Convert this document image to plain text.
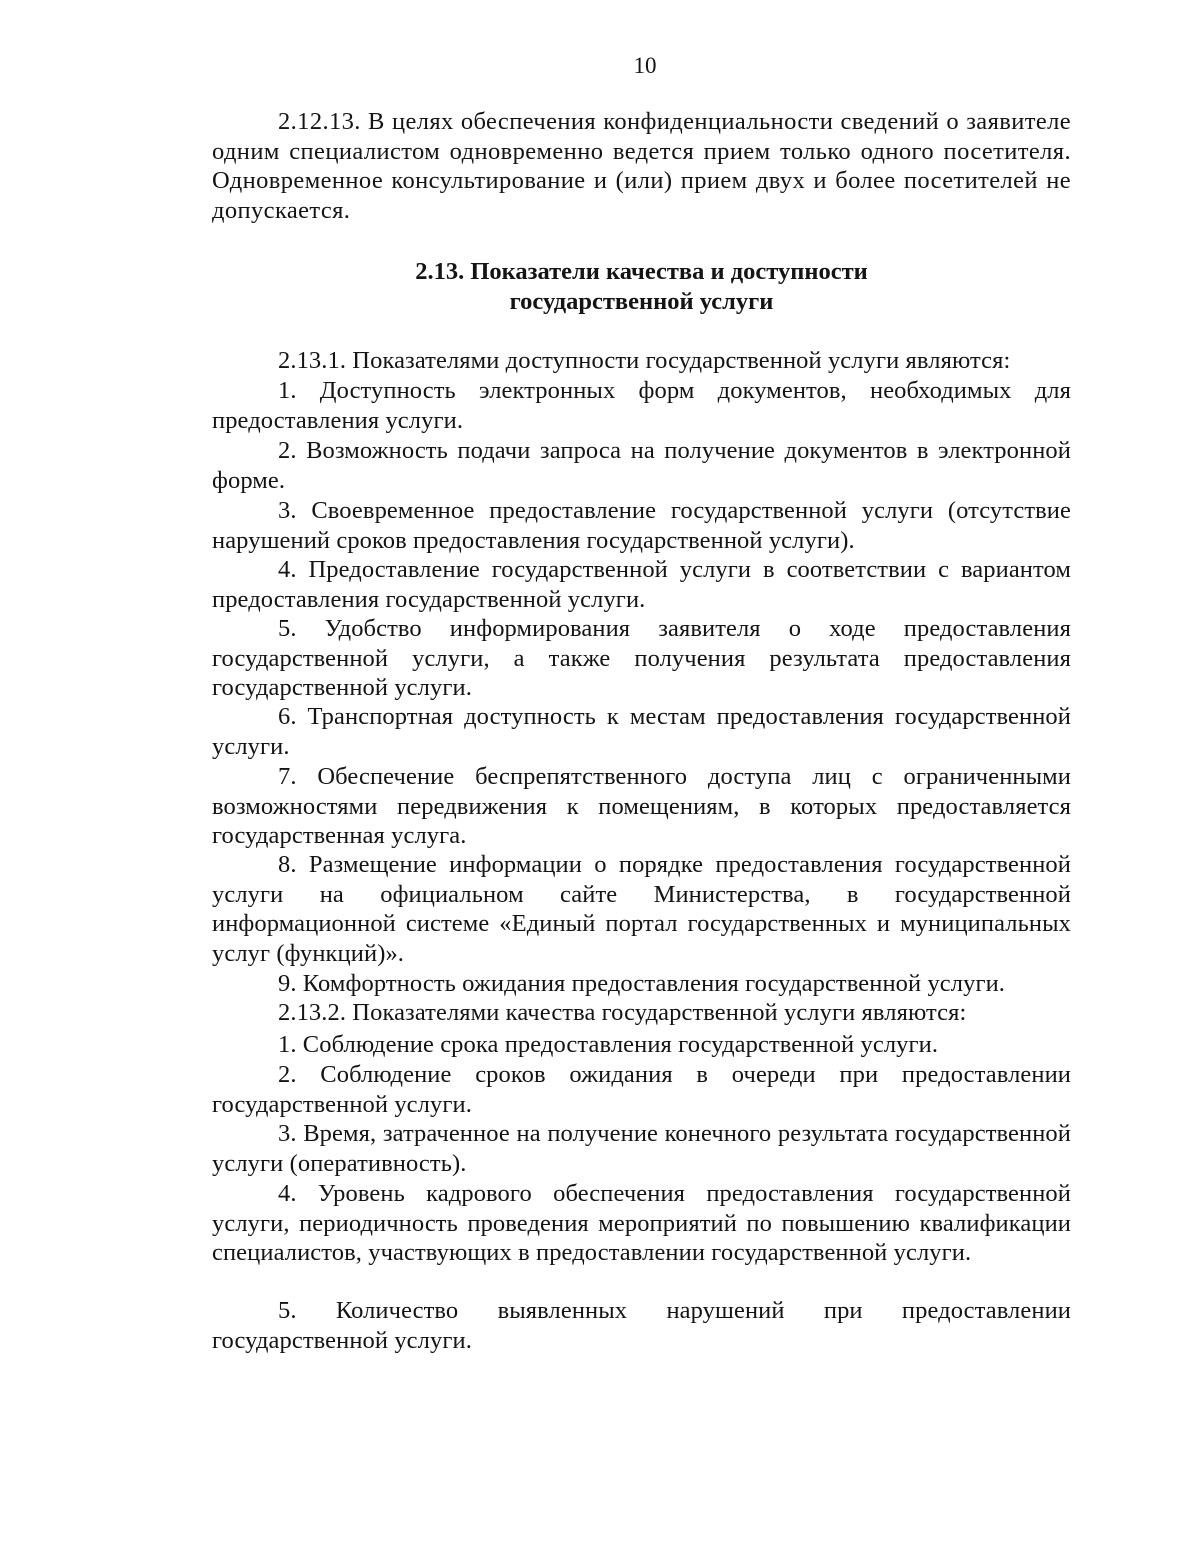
10

2.12.13. В целях обеспечения конфиденциальности сведений о заявителе одним специалистом одновременно ведется прием только одного посетителя. Одновременное консультирование и (или) прием двух и более посетителей не допускается.

2.13. Показатели качества и доступности
государственной услуги

2.13.1. Показателями доступности государственной услуги являются:

1. Доступность электронных форм документов, необходимых для предоставления услуги.

2. Возможность подачи запроса на получение документов в электронной форме.

3. Своевременное предоставление государственной услуги (отсутствие нарушений сроков предоставления государственной услуги).

4. Предоставление государственной услуги в соответствии с вариантом предоставления государственной услуги.

5. Удобство информирования заявителя о ходе предоставления государственной услуги, а также получения результата предоставления государственной услуги.

6. Транспортная доступность к местам предоставления государственной услуги.

7. Обеспечение беспрепятственного доступа лиц с ограниченными возможностями передвижения к помещениям, в которых предоставляется государственная услуга.

8. Размещение информации о порядке предоставления государственной услуги на официальном сайте Министерства, в государственной информационной системе «Единый портал государственных и муниципальных услуг (функций)».

9. Комфортность ожидания предоставления государственной услуги.

2.13.2. Показателями качества государственной услуги являются:

1. Соблюдение срока предоставления государственной услуги.

2. Соблюдение сроков ожидания в очереди при предоставлении государственной услуги.

3. Время, затраченное на получение конечного результата государственной услуги (оперативность).

4. Уровень кадрового обеспечения предоставления государственной услуги, периодичность проведения мероприятий по повышению квалификации специалистов, участвующих в предоставлении государственной услуги.

5. Количество выявленных нарушений при предоставлении государственной услуги.
